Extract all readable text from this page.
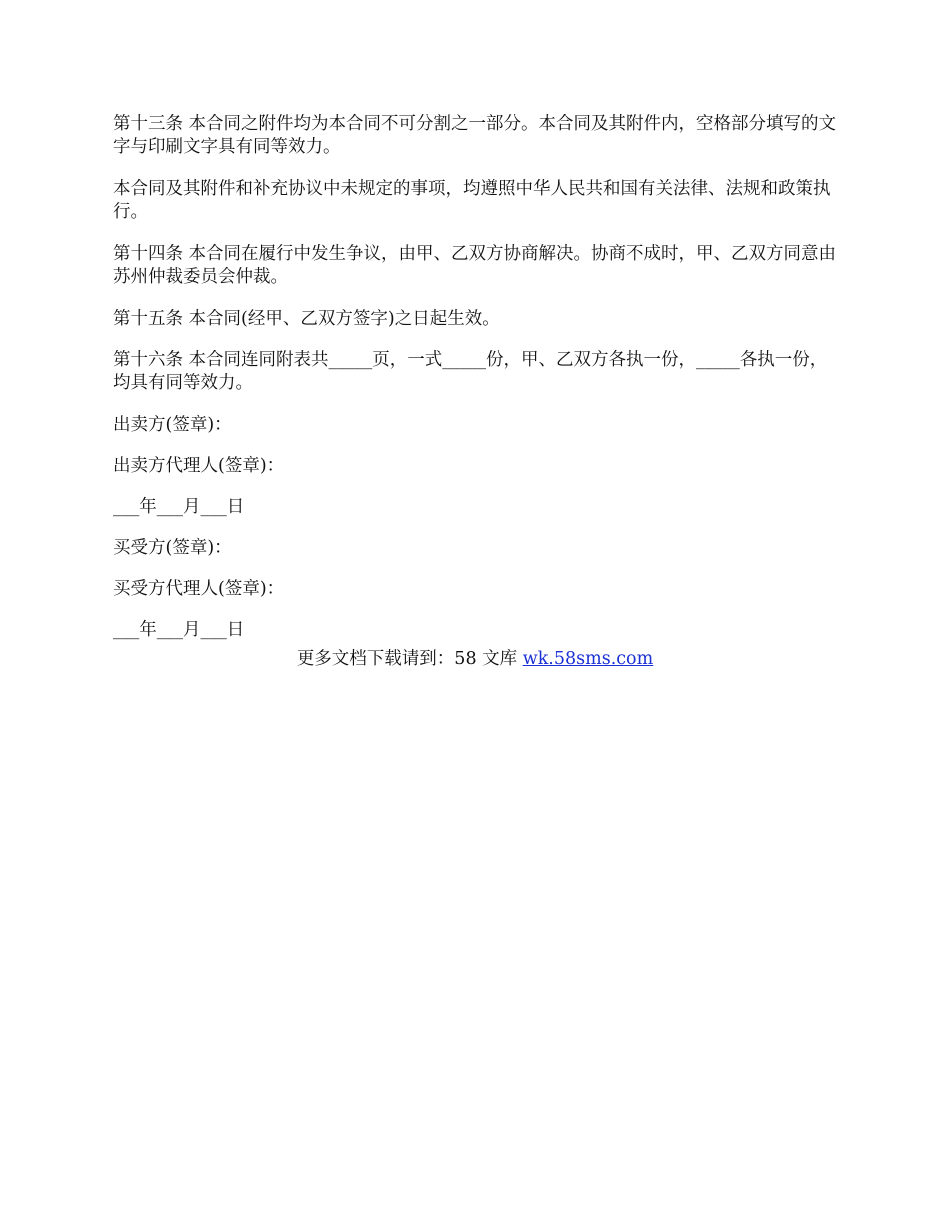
第十三条 本合同之附件均为本合同不可分割之一部分。本合同及其附件内，空格部分填写的文字与印刷文字具有同等效力。

本合同及其附件和补充协议中未规定的事项，均遵照中华人民共和国有关法律、法规和政策执行。

第十四条 本合同在履行中发生争议，由甲、乙双方协商解决。协商不成时，甲、乙双方同意由苏州仲裁委员会仲裁。

第十五条 本合同(经甲、乙双方签字)之日起生效。

第十六条 本合同连同附表共_____页，一式_____份，甲、乙双方各执一份，_____各执一份，均具有同等效力。

出卖方(签章)：

出卖方代理人(签章)：

___年___月___日

买受方(签章)：

买受方代理人(签章)：

___年___月___日

更多文档下载请到：58 文库 wk.58sms.com
